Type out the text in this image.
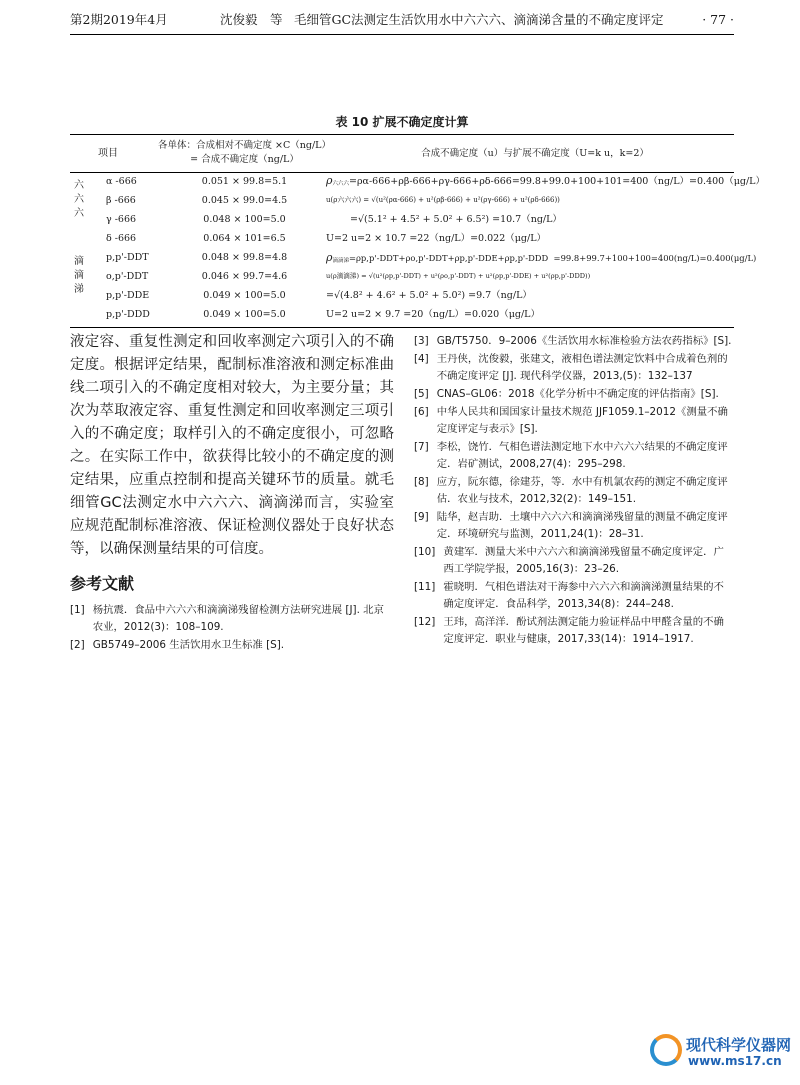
第2期2019年4月	沈俊毅　等 毛细管GC法测定生活饮用水中六六六、滴滴涕含量的不确定度评定	· 77 ·
表 10 扩展不确定度计算
项目
各单体：合成相对不确定度 ×C（ng/L）
= 合成不确定度（ng/L）
合成不确定度（u）与扩展不确定度（U=k u，k=2）
六六六
滴滴涕
α -666
β -666
γ -666
δ -666
p,p'-DDT
o,p'-DDT
p,p'-DDE
p,p'-DDD
0.051 × 99.8=5.1
0.045 × 99.0=4.5
0.048 × 100=5.0
0.064 × 101=6.5
0.048 × 99.8=4.8
0.046 × 99.7=4.6
0.049 × 100=5.0
0.049 × 100=5.0
ρ六六六=ρα-666+ρβ-666+ργ-666+ρδ-666=99.8+99.0+100+101=400（ng/L）=0.400（μg/L）
u(ρ六六六) = √(u²(ρα-666) + u²(ρβ-666) + u²(ργ-666) + u²(ρδ-666))
=√(5.1² + 4.5² + 5.0² + 6.5²) =10.7（ng/L）
U=2 u=2 × 10.7 =22（ng/L）=0.022（μg/L）
ρ滴滴涕=ρp,p'-DDT+ρo,p'-DDT+ρp,p'-DDE+ρp,p'-DDD =99.8+99.7+100+100=400(ng/L)=0.400(μg/L)
u(ρ滴滴涕) = √(u²(ρp,p'-DDT) + u²(ρo,p'-DDT) + u²(ρp,p'-DDE) + u²(ρp,p'-DDD))
=√(4.8² + 4.6² + 5.0² + 5.0²) =9.7（ng/L）
U=2 u=2 × 9.7 =20（ng/L）=0.020（μg/L）

液定容、重复性测定和回收率测定六项引入的不确定度。根据评定结果，配制标准溶液和测定标准曲线二项引入的不确定度相对较大，为主要分量；其次为萃取液定容、重复性测定和回收率测定三项引入的不确定度；取样引入的不确定度很小，可忽略之。在实际工作中，欲获得比较小的不确定度的测定结果，应重点控制和提高关键环节的质量。就毛细管GC法测定水中六六六、滴滴涕而言，实验室应规范配制标准溶液、保证检测仪器处于良好状态等，以确保测量结果的可信度。

参考文献
[1] 杨抗震．食品中六六六和滴滴涕残留检测方法研究进展 [J]. 北京农业，2012(3)：108–109.
[2] GB5749–2006 生活饮用水卫生标准 [S].
[3] GB/T5750．9–2006《生活饮用水标准检验方法农药指标》[S].
[4] 王丹侠，沈俊毅，张建文，液相色谱法测定饮料中合成着色剂的不确定度评定 [J]. 现代科学仪器，2013,(5)：132–137
[5] CNAS–GL06：2018《化学分析中不确定度的评估指南》[S].
[6] 中华人民共和国国家计量技术规范 JJF1059.1–2012《测量不确定度评定与表示》[S].
[7] 李松，饶竹．气相色谱法测定地下水中六六六结果的不确定度评定．岩矿测试，2008,27(4)：295–298.
[8] 应方，阮东德，徐建芬，等．水中有机氯农药的测定不确定度评估．农业与技术，2012,32(2)：149–151.
[9] 陆华，赵吉助．土壤中六六六和滴滴涕残留量的测量不确定度评定．环境研究与监测，2011,24(1)：28–31.
[10] 黄建军．测量大米中六六六和滴滴涕残留量不确定度评定．广西工学院学报，2005,16(3)：23–26.
[11] 霍晓明．气相色谱法对干海参中六六六和滴滴涕测量结果的不确定度评定．食品科学，2013,34(8)：244–248.
[12] 王玮，高洋洋．酚试剂法测定能力验证样品中甲醛含量的不确定度评定．职业与健康，2017,33(14)：1914–1917.
现代科学仪器网
www.ms17.cn
